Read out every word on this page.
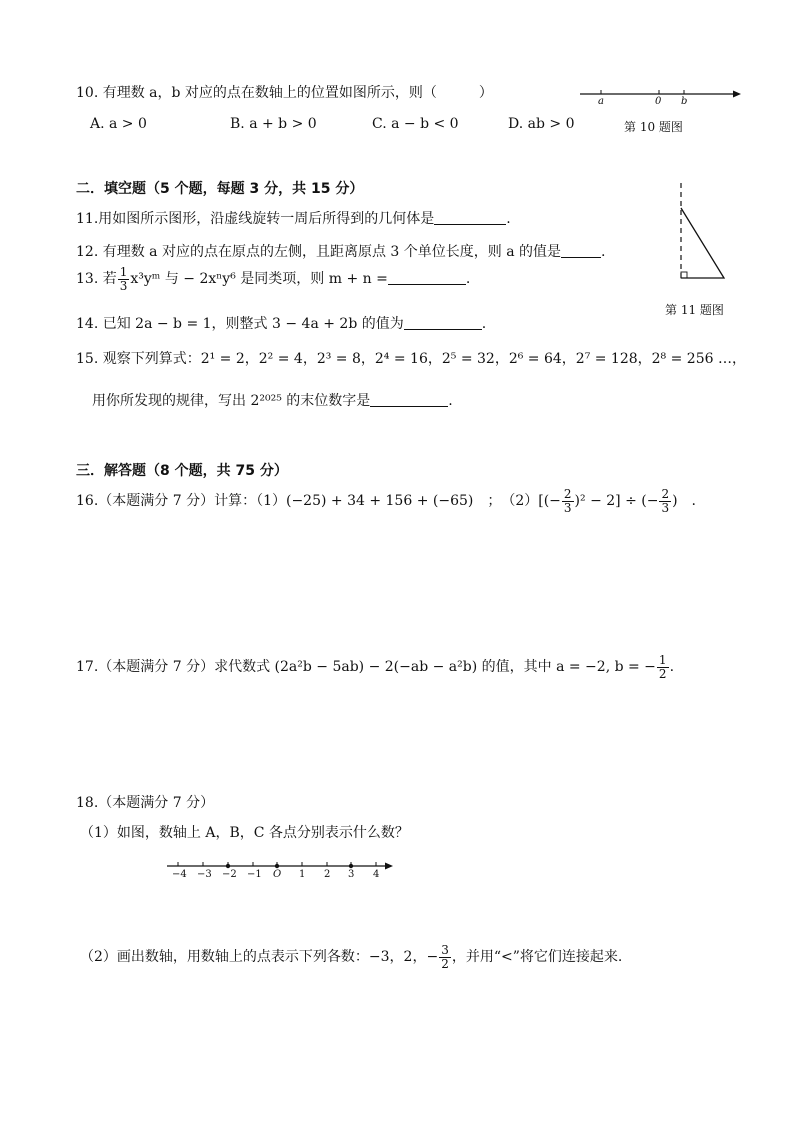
10. 有理数 a，b 对应的点在数轴上的位置如图所示，则（　　　）
A. a > 0	B. a + b > 0	C. a − b < 0	D. ab > 0
a	0 b
第 10 题图
二．填空题（5 个题，每题 3 分，共 15 分）
11.用如图所示图形，沿虚线旋转一周后所得到的几何体是	.
12. 有理数 a 对应的点在原点的左侧，且距离原点 3 个单位长度，则 a 的值是	.
13. 若 $\frac{1}{3}$ x³yᵐ 与 − 2xⁿy⁶ 是同类项，则 m + n =	.
14. 已知 2a − b = 1，则整式 3 − 4a + 2b 的值为	.
15. 观察下列算式：2¹ = 2，2² = 4，2³ = 8，2⁴ = 16，2⁵ = 32，2⁶ = 64，2⁷ = 128，2⁸ = 256 …，
用你所发现的规律，写出 2²⁰²⁵ 的末位数字是	.
第 11 题图
三．解答题（8 个题，共 75 分）
16.（本题满分 7 分）计算：（1）(−25) + 34 + 156 + (−65)　；　$(2)[(- \frac{2}{3} )^2 - 2]$ ÷ (− $\frac{2}{3}$ )　.
17.（本题满分 7 分）求代数式 (2a²b − 5ab) − 2(−ab − a²b) 的值，其中 a = −2, b = − $\frac{1}{2}$ .
18.（本题满分 7 分）
（1）如图，数轴上 A，B，C 各点分别表示什么数？
−4 −3 −2 −1 O 1 2 3 4
（2）画出数轴，用数轴上的点表示下列各数：−3，2，− $\frac{3}{2}$ ，并用“<”将它们连接起来.
